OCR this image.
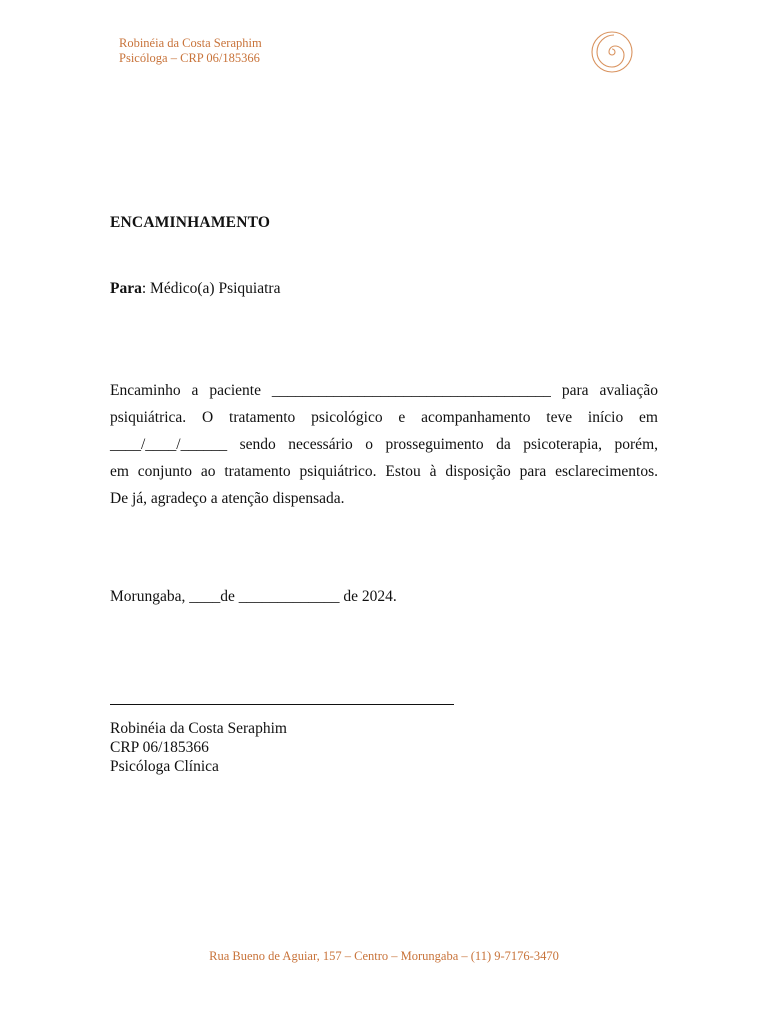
Robinéia da Costa Seraphim
Psicóloga – CRP 06/185366
ENCAMINHAMENTO
Para: Médico(a) Psiquiatra
Encaminho a paciente ____________________________________ para avaliação
psiquiátrica. O tratamento psicológico e acompanhamento teve início em
____/____/______ sendo necessário o prosseguimento da psicoterapia, porém,
em conjunto ao tratamento psiquiátrico. Estou à disposição para esclarecimentos.
De já, agradeço a atenção dispensada.
Morungaba, ____de _____________ de 2024.
Robinéia da Costa Seraphim
CRP 06/185366
Psicóloga Clínica
Rua Bueno de Aguiar, 157 – Centro – Morungaba – (11) 9-7176-3470
